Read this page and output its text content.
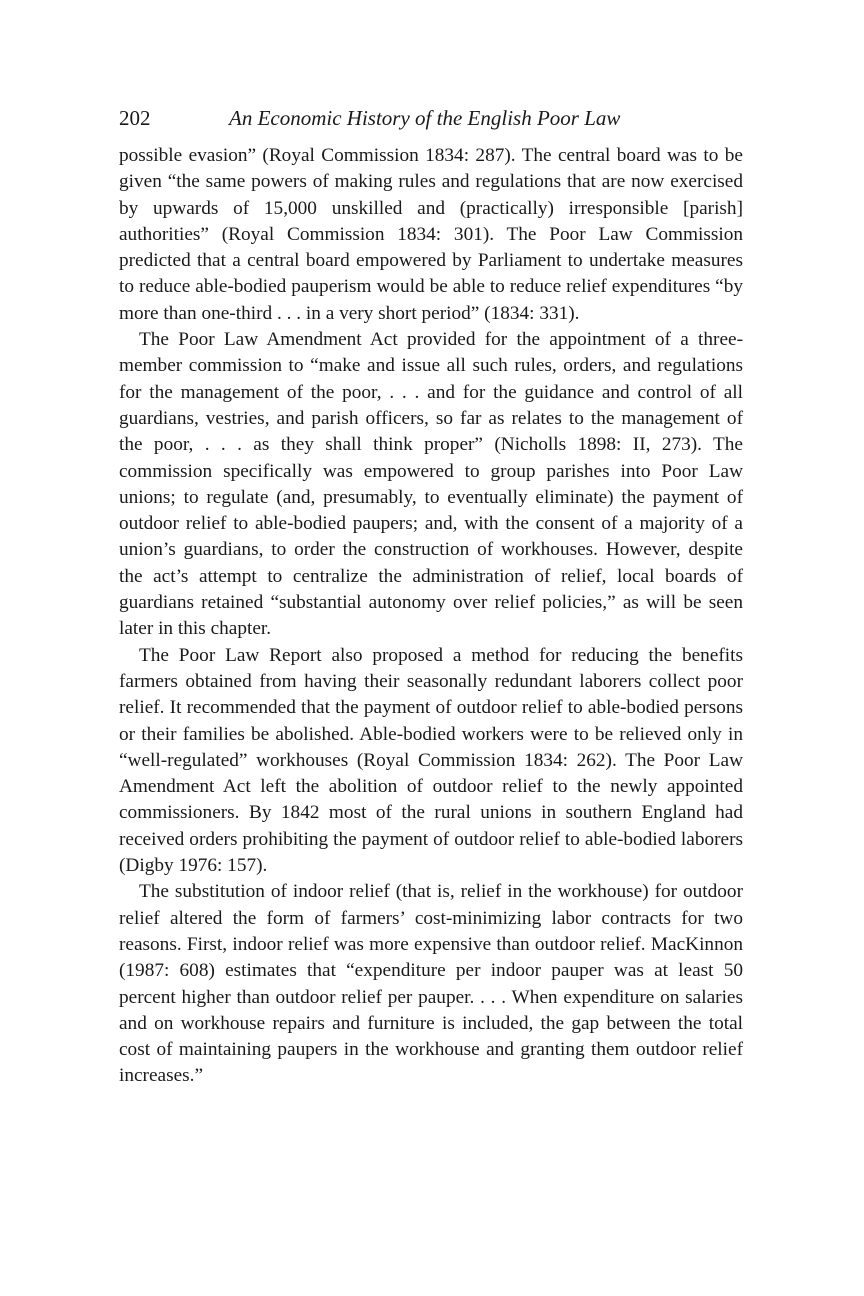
202	An Economic History of the English Poor Law

possible evasion” (Royal Commission 1834: 287). The central board was to be given “the same powers of making rules and regulations that are now exercised by upwards of 15,000 unskilled and (practically) irresponsible [parish] authorities” (Royal Commission 1834: 301). The Poor Law Commission predicted that a central board empowered by Parliament to undertake measures to reduce able-bodied pauperism would be able to reduce relief expenditures “by more than one-third . . . in a very short period” (1834: 331).

The Poor Law Amendment Act provided for the appointment of a three-member commission to “make and issue all such rules, orders, and regulations for the management of the poor, . . . and for the guidance and control of all guardians, vestries, and parish officers, so far as relates to the management of the poor, . . . as they shall think proper” (Nicholls 1898: II, 273). The commission specifically was empowered to group parishes into Poor Law unions; to regulate (and, presumably, to eventually eliminate) the payment of outdoor relief to able-bodied paupers; and, with the consent of a majority of a union’s guardians, to order the construction of workhouses. However, despite the act’s attempt to centralize the administration of relief, local boards of guardians retained “substantial autonomy over relief policies,” as will be seen later in this chapter.

The Poor Law Report also proposed a method for reducing the benefits farmers obtained from having their seasonally redundant laborers collect poor relief. It recommended that the payment of outdoor relief to able-bodied persons or their families be abolished. Able-bodied workers were to be relieved only in “well-regulated” workhouses (Royal Commission 1834: 262). The Poor Law Amendment Act left the abolition of outdoor relief to the newly appointed commissioners. By 1842 most of the rural unions in southern England had received orders prohibiting the payment of outdoor relief to able-bodied laborers (Digby 1976: 157).

The substitution of indoor relief (that is, relief in the workhouse) for outdoor relief altered the form of farmers’ cost-minimizing labor contracts for two reasons. First, indoor relief was more expensive than outdoor relief. MacKinnon (1987: 608) estimates that “expenditure per indoor pauper was at least 50 percent higher than outdoor relief per pauper. . . . When expenditure on salaries and on workhouse repairs and furniture is included, the gap between the total cost of maintaining paupers in the workhouse and granting them outdoor relief increases.”
